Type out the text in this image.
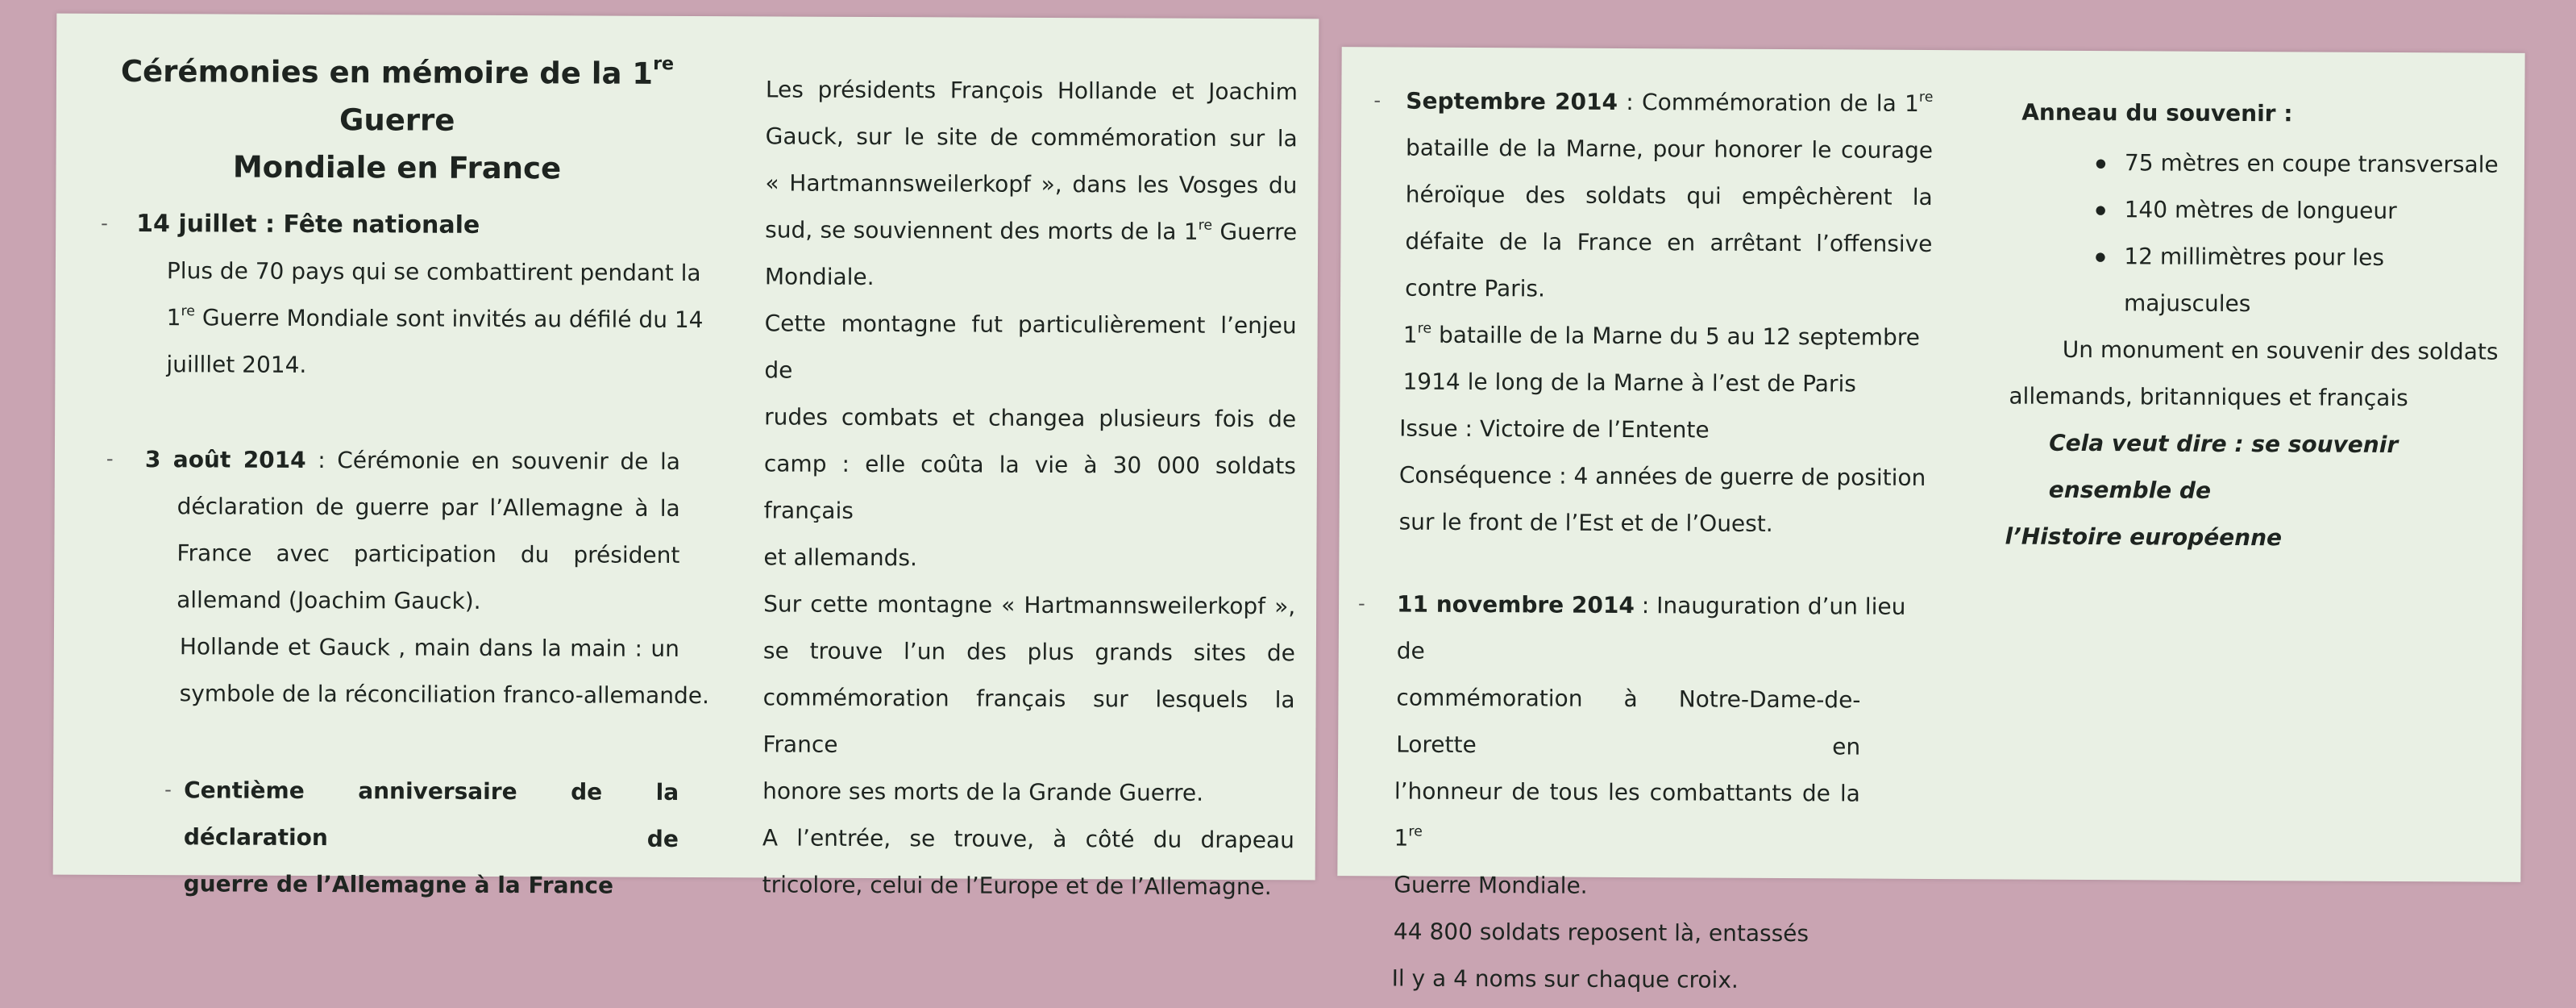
Cérémonies en mémoire de la 1re Guerre
Mondiale en France
-	14 juillet : Fête nationale

Plus de 70 pays qui se combattirent pendant la

1re Guerre Mondiale sont invités au défilé du 14

juilllet 2014.

-	3 août 2014 : Cérémonie en souvenir de la

déclaration de guerre par l’Allemagne à la

France avec participation du président

allemand (Joachim Gauck).

Hollande et Gauck , main dans la main : un

symbole de la réconciliation franco-allemande.

- Centième anniversaire de la déclaration de

guerre de l’Allemagne à la France

Les présidents François Hollande et Joachim

Gauck, sur le site de commémoration sur la

« Hartmannsweilerkopf », dans les Vosges du

sud, se souviennent des morts de la 1re Guerre

Mondiale.

Cette montagne fut particulièrement l’enjeu de

rudes combats et changea plusieurs fois de

camp : elle coûta la vie à 30 000 soldats français

et allemands.

Sur cette montagne « Hartmannsweilerkopf »,

se trouve l’un des plus grands sites de

commémoration français sur lesquels la France

honore ses morts de la Grande Guerre.

A l’entrée, se trouve, à côté du drapeau

tricolore, celui de l’Europe et de l’Allemagne.

-	Septembre 2014 : Commémoration de la 1re

bataille de la Marne, pour honorer le courage

héroïque des soldats qui empêchèrent la

défaite de la France en arrêtant l’offensive

contre Paris.

1re bataille de la Marne du 5 au 12 septembre

1914 le long de la Marne à l’est de Paris

Issue : Victoire de l’Entente

Conséquence : 4 années de guerre de position

sur le front de l’Est et de l’Ouest.

-	11 novembre 2014 : Inauguration d’un lieu de

commémoration à Notre-Dame-de-Lorette en

l’honneur de tous les combattants de la 1re

Guerre Mondiale.

44 800 soldats reposent là, entassés

Il y a 4 noms sur chaque croix.

Anneau du souvenir :

● 75 mètres en coupe transversale
● 140 mètres de longueur
● 12 millimètres pour les majuscules

Un monument en souvenir des soldats

allemands, britanniques et français

Cela veut dire : se souvenir ensemble de

l’Histoire européenne
